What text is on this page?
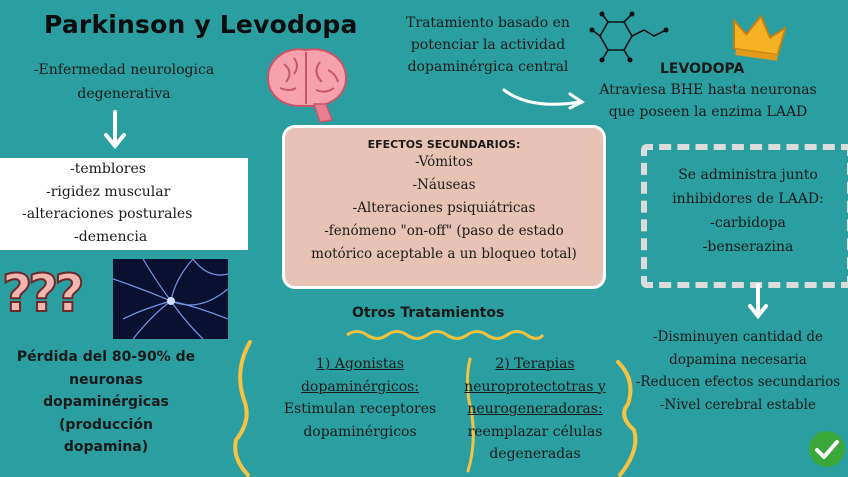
Parkinson y Levodopa
-Enfermedad neurologica degenerativa
-temblores
-rigidez muscular
-alteraciones posturales
-demencia
???
Pérdida del 80-90% de neuronas dopaminérgicas (producción dopamina)
Tratamiento basado en potenciar la actividad dopaminérgica central	LEVODOPA
Atraviesa BHE hasta neuronas que poseen la enzima LAAD
EFECTOS SECUNDARIOS:
-Vómitos
-Náuseas
-Alteraciones psiquiátricas
-fenómeno "on-off" (paso de estado motórico aceptable a un bloqueo total)
Se administra junto inhibidores de LAAD:
-carbidopa
-benserazina
-Disminuyen cantidad de dopamina necesaria
-Reducen efectos secundarios
-Nivel cerebral estable
Otros Tratamientos
1) Agonistas dopaminérgicos:
Estimulan receptores dopaminérgicos
2) Terapias neuroprotectotras y neurogeneradoras:
reemplazar células degeneradas
